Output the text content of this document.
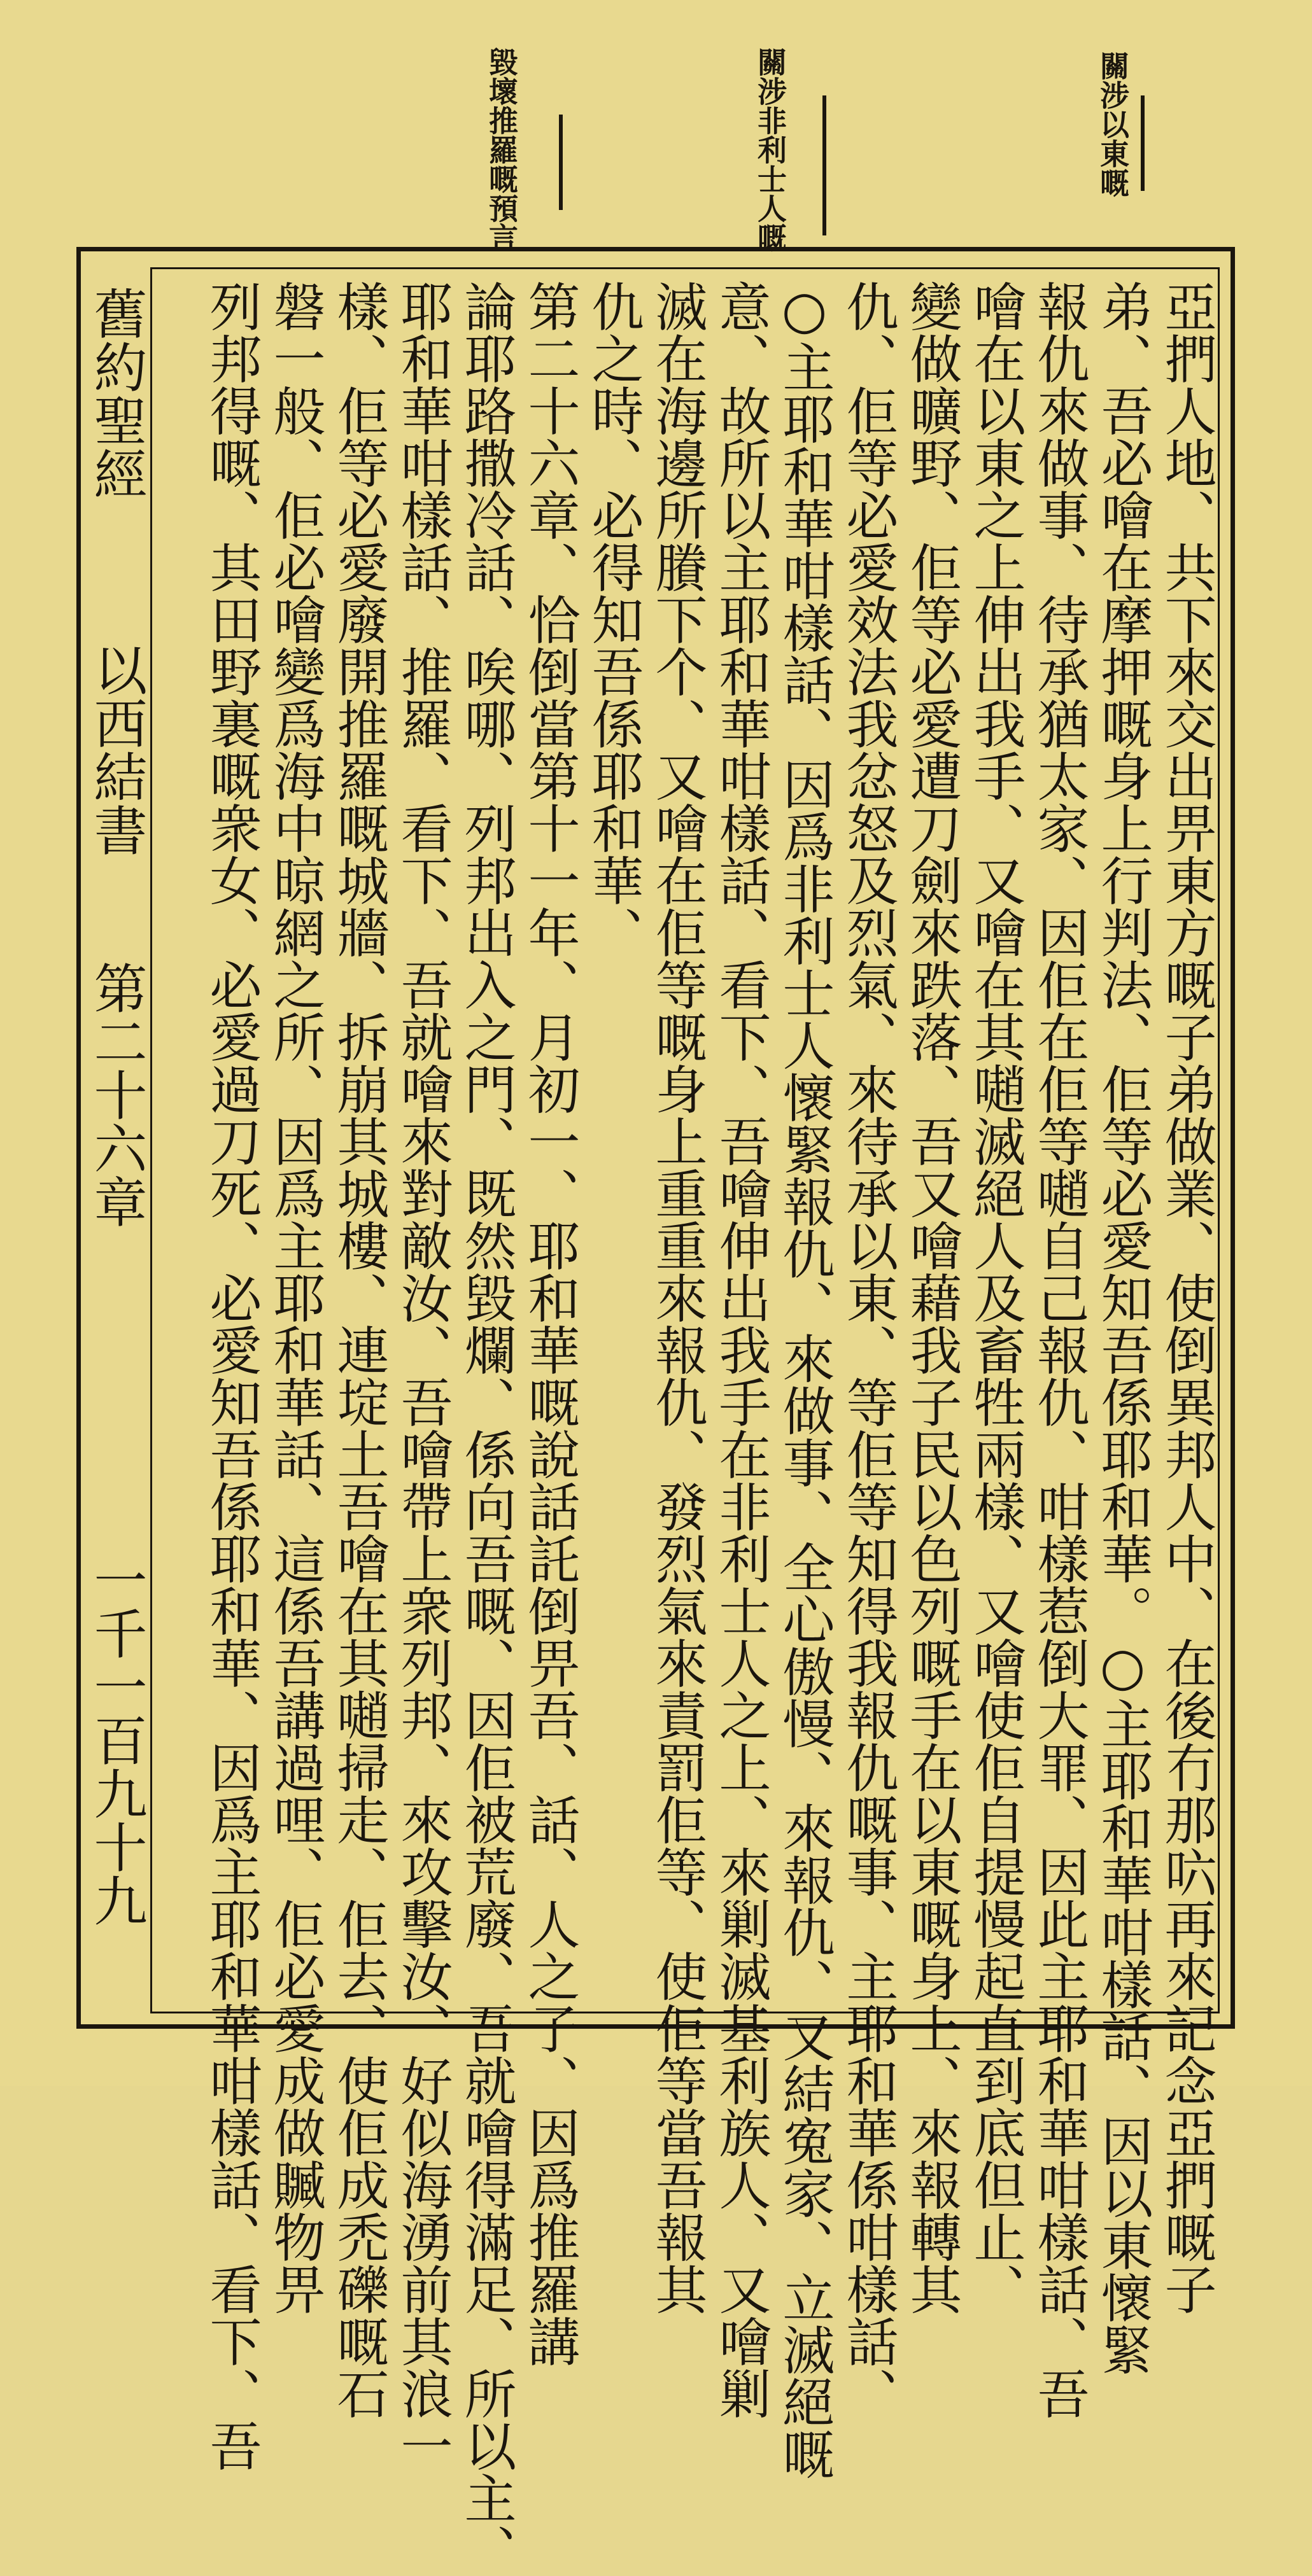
關涉以東嘅
關涉非利士人嘅
毀壞推羅嘅預言
舊約聖經
以西結書
第二十六章
一千一百九十九	亞捫人地、共下來交出畀東方嘅子弟做業、使倒異邦人中、在後冇那𠯿再來記念亞捫嘅子
弟、吾必噲在摩押嘅身上行判法、佢等必愛知吾係耶和華。○主耶和華咁樣話、因以東懷緊
報仇來做事、待承猶太家、因佢在佢等𡁻自己報仇、咁樣惹倒大罪、因此主耶和華咁樣話、吾
噲在以東之上伸出我手、又噲在其𡁻滅絕人及畜牲兩樣、又噲使佢自提慢起直到底但止、
變做曠野、佢等必愛遭刀劍來跌落、吾又噲藉我子民以色列嘅手在以東嘅身上、來報轉其
仇、佢等必愛效法我忿怒及烈氣、來待承以東、等佢等知得我報仇嘅事、主耶和華係咁樣話、
○主耶和華咁樣話、因爲非利士人懷緊報仇、來做事、全心傲慢、來報仇、又結寃家、立滅絕嘅
意、故所以主耶和華咁樣話、看下、吾噲伸出我手在非利士人之上、來剿滅基利族人、又噲剿
滅在海邊所賸下个、又噲在佢等嘅身上重重來報仇、發烈氣來責罰佢等、使佢等當吾報其
仇之時、必得知吾係耶和華、
第二十六章、恰倒當第十一年、月初一、耶和華嘅說話託倒畀吾、話、人之子、因爲推羅講
論耶路撒冷話、唉哪、列邦出入之門、既然毀爛、係向吾嘅、因佢被荒廢、吾就噲得滿足、所以主、
耶和華咁樣話、推羅、看下、吾就噲來對敵汝、吾噲帶上衆列邦、來攻擊汝、好似海湧前其浪一
樣、佢等必愛廢開推羅嘅城牆、拆崩其城樓、連埞土吾噲在其𡁻掃走、佢去、使佢成禿礫嘅石
磐一般、佢必噲變爲海中晾網之所、因爲主耶和華話、這係吾講過哩、佢必愛成做贓物畀
列邦得嘅、其田野裏嘅衆女、必愛過刀死、必愛知吾係耶和華、因爲主耶和華咁樣話、看下、吾
